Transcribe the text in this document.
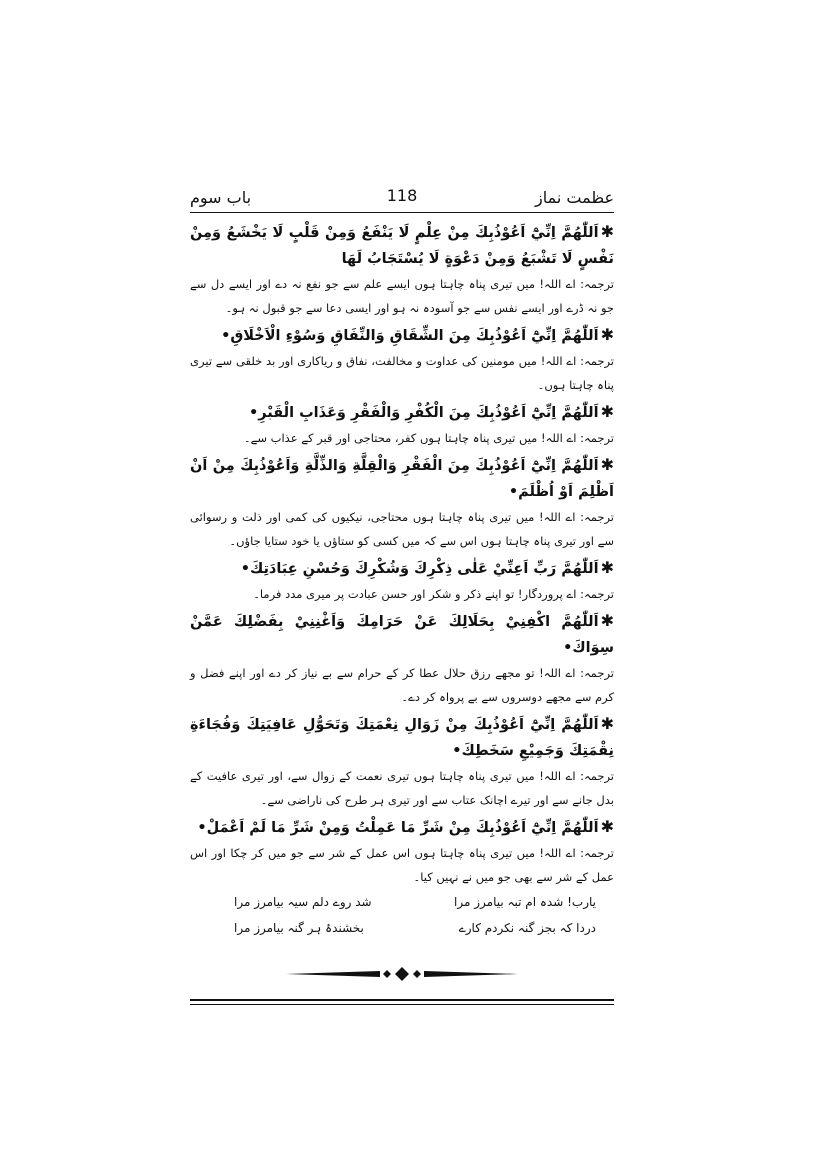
عظمت نماز
118
باب سوم

✱اَللّٰهُمَّ اِنِّيْٓ اَعُوْذُبِكَ مِنْ عِلْمٍ لَا يَنْفَعُ وَمِنْ قَلْبٍ لَا يَخْشَعُ وَمِنْ نَفْسٍ لَا تَشْبَعُ وَمِنْ دَعْوَةٍ لَا يُسْتَجَابُ لَهَا

ترجمہ: اے اللہ! میں تیری پناہ چاہتا ہوں ایسے علم سے جو نفع نہ دے اور ایسے دل سے جو نہ ڈرے اور ایسے نفس سے جو آسودہ نہ ہو اور ایسی دعا سے جو قبول نہ ہو۔

✱اَللّٰهُمَّ اِنِّيْٓ اَعُوْذُبِكَ مِنَ الشِّقَاقِ وَالنِّفَاقِ وَسُوْءِ الْاَخْلَاقِ•

ترجمہ: اے اللہ! میں مومنین کی عداوت و مخالفت، نفاق و ریاکاری اور بد خلقی سے تیری پناہ چاہتا ہوں۔

✱اَللّٰهُمَّ اِنِّيْٓ اَعُوْذُبِكَ مِنَ الْكُفْرِ وَالْفَقْرِ وَعَذَابِ الْقَبْرِ•

ترجمہ: اے اللہ! میں تیری پناہ چاہتا ہوں کفر، محتاجی اور قبر کے عذاب سے۔

✱اَللّٰهُمَّ اِنِّيْٓ اَعُوْذُبِكَ مِنَ الْفَقْرِ وَالْقِلَّةِ وَالذِّلَّةِ وَاَعُوْذُبِكَ مِنْ اَنْ اَظْلِمَ اَوْ اُظْلَمَ•

ترجمہ: اے اللہ! میں تیری پناہ چاہتا ہوں محتاجی، نیکیوں کی کمی اور ذلت و رسوائی سے اور تیری پناہ چاہتا ہوں اس سے کہ میں کسی کو ستاؤں یا خود ستایا جاؤں۔

✱اَللّٰهُمَّ رَبِّ اَعِنِّيْ عَلٰى ذِكْرِكَ وَشُكْرِكَ وَحُسْنِ عِبَادَتِكَ•

ترجمہ: اے پروردگار! تو اپنے ذکر و شکر اور حسن عبادت پر میری مدد فرما۔

✱اَللّٰهُمَّ اكْفِنِيْ بِحَلَالِكَ عَنْ حَرَامِكَ وَاَغْنِنِيْ بِفَضْلِكَ عَمَّنْ سِوَاكَ•

ترجمہ: اے اللہ! تو مجھے رزق حلال عطا کر کے حرام سے بے نیاز کر دے اور اپنے فضل و کرم سے مجھے دوسروں سے بے پرواہ کر دے۔

✱اَللّٰهُمَّ اِنِّيْٓ اَعُوْذُبِكَ مِنْ زَوَالِ نِعْمَتِكَ وَتَحَوُّلِ عَافِيَتِكَ وَفُجَاءَةِ نِقْمَتِكَ وَجَمِيْعِ سَخَطِكَ•

ترجمہ: اے اللہ! میں تیری پناہ چاہتا ہوں تیری نعمت کے زوال سے، اور تیری عافیت کے بدل جانے سے اور تیرے اچانک عتاب سے اور تیری ہر طرح کی ناراضی سے۔

✱اَللّٰهُمَّ اِنِّيْٓ اَعُوْذُبِكَ مِنْ شَرِّ مَا عَمِلْتُ وَمِنْ شَرِّ مَا لَمْ اَعْمَلْ•

ترجمہ: اے اللہ! میں تیری پناہ چاہتا ہوں اس عمل کے شر سے جو میں کر چکا اور اس عمل کے شر سے بھی جو میں نے نہیں کیا۔

یارب! شدہ ام تبہ بیامرز مرا
شد روے دلم سیہ بیامرز مرا
دردا کہ بجز گنہ نکردم کارے
بخشندۂ ہر گنہ بیامرز مرا
